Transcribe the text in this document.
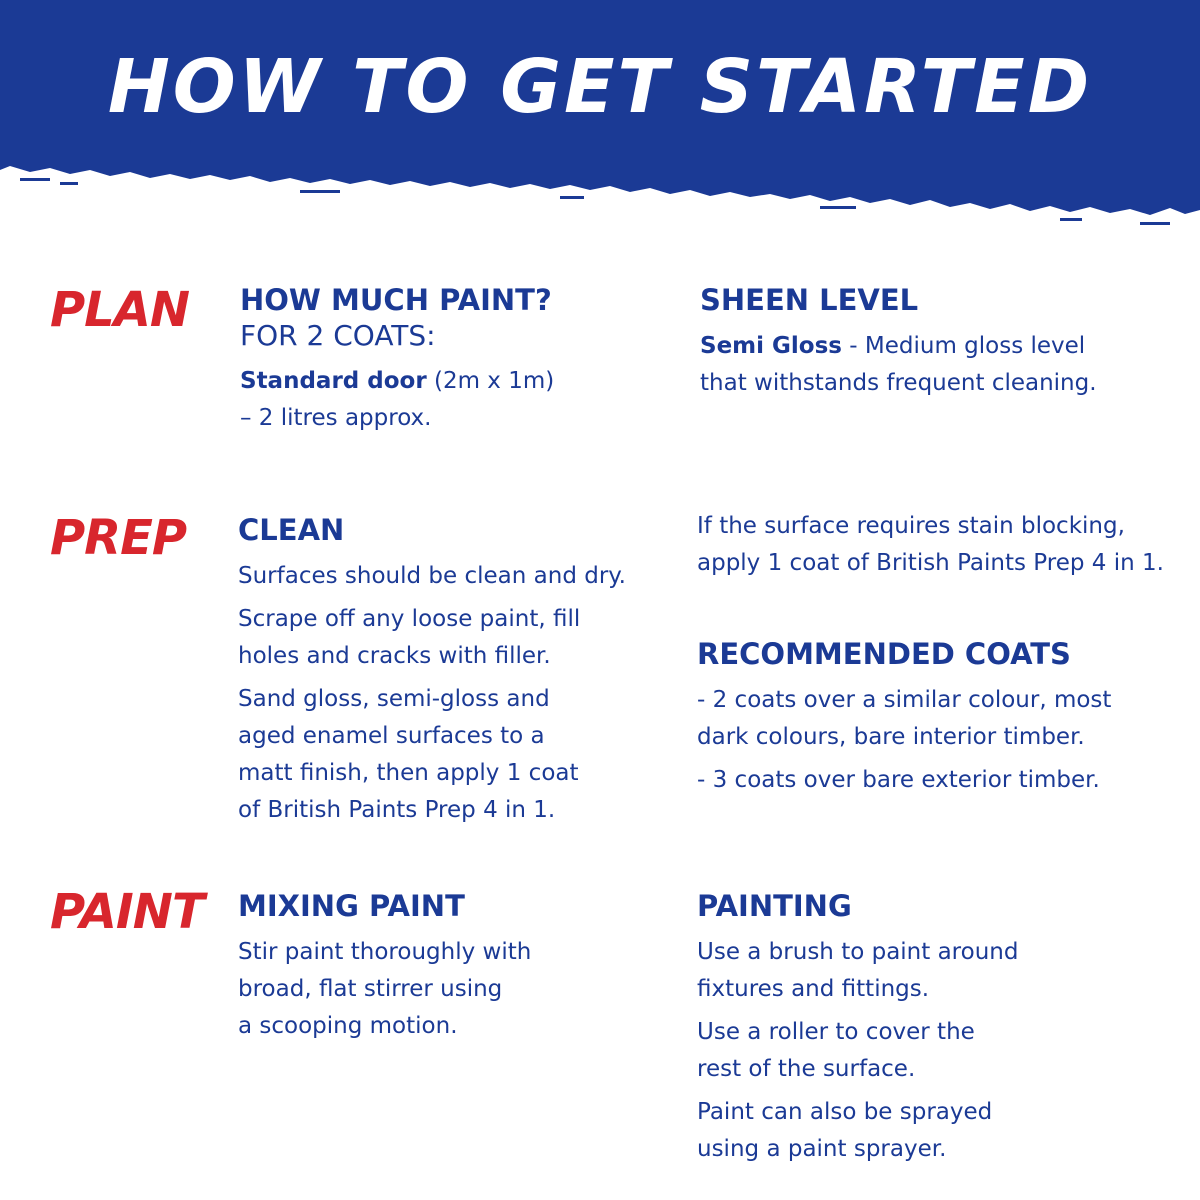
HOW TO GET STARTED
PLAN
PREP
PAINT
HOW MUCH PAINT?
FOR 2 COATS:
Standard door (2m x 1m)
– 2 litres approx.
SHEEN LEVEL
Semi Gloss - Medium gloss level
that withstands frequent cleaning.
CLEAN
Surfaces should be clean and dry.
Scrape off any loose paint, fill
holes and cracks with filler.
Sand gloss, semi-gloss and
aged enamel surfaces to a
matt finish, then apply 1 coat
of British Paints Prep 4 in 1.
If the surface requires stain blocking,
apply 1 coat of British Paints Prep 4 in 1.
RECOMMENDED COATS
- 2 coats over a similar colour, most
dark colours, bare interior timber.
- 3 coats over bare exterior timber.
MIXING PAINT
Stir paint thoroughly with
broad, flat stirrer using
a scooping motion.
PAINTING
Use a brush to paint around
fixtures and fittings.
Use a roller to cover the
rest of the surface.
Paint can also be sprayed
using a paint sprayer.
